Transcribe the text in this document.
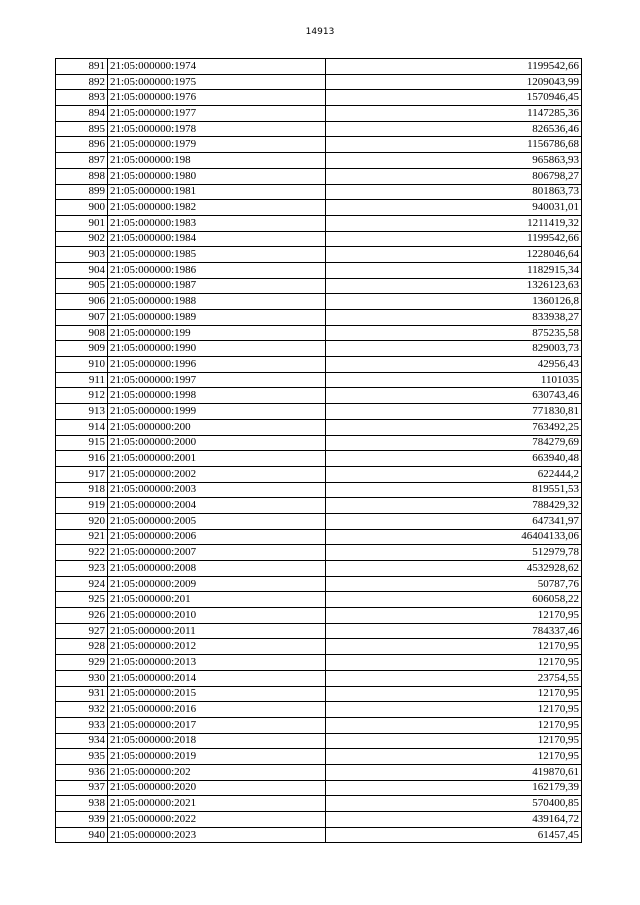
14913
891	21:05:000000:1974	1199542,66
892	21:05:000000:1975	1209043,99
893	21:05:000000:1976	1570946,45
894	21:05:000000:1977	1147285,36
895	21:05:000000:1978	826536,46
896	21:05:000000:1979	1156786,68
897	21:05:000000:198	965863,93
898	21:05:000000:1980	806798,27
899	21:05:000000:1981	801863,73
900	21:05:000000:1982	940031,01
901	21:05:000000:1983	1211419,32
902	21:05:000000:1984	1199542,66
903	21:05:000000:1985	1228046,64
904	21:05:000000:1986	1182915,34
905	21:05:000000:1987	1326123,63
906	21:05:000000:1988	1360126,8
907	21:05:000000:1989	833938,27
908	21:05:000000:199	875235,58
909	21:05:000000:1990	829003,73
910	21:05:000000:1996	42956,43
911	21:05:000000:1997	1101035
912	21:05:000000:1998	630743,46
913	21:05:000000:1999	771830,81
914	21:05:000000:200	763492,25
915	21:05:000000:2000	784279,69
916	21:05:000000:2001	663940,48
917	21:05:000000:2002	622444,2
918	21:05:000000:2003	819551,53
919	21:05:000000:2004	788429,32
920	21:05:000000:2005	647341,97
921	21:05:000000:2006	46404133,06
922	21:05:000000:2007	512979,78
923	21:05:000000:2008	4532928,62
924	21:05:000000:2009	50787,76
925	21:05:000000:201	606058,22
926	21:05:000000:2010	12170,95
927	21:05:000000:2011	784337,46
928	21:05:000000:2012	12170,95
929	21:05:000000:2013	12170,95
930	21:05:000000:2014	23754,55
931	21:05:000000:2015	12170,95
932	21:05:000000:2016	12170,95
933	21:05:000000:2017	12170,95
934	21:05:000000:2018	12170,95
935	21:05:000000:2019	12170,95
936	21:05:000000:202	419870,61
937	21:05:000000:2020	162179,39
938	21:05:000000:2021	570400,85
939	21:05:000000:2022	439164,72
940	21:05:000000:2023	61457,45
